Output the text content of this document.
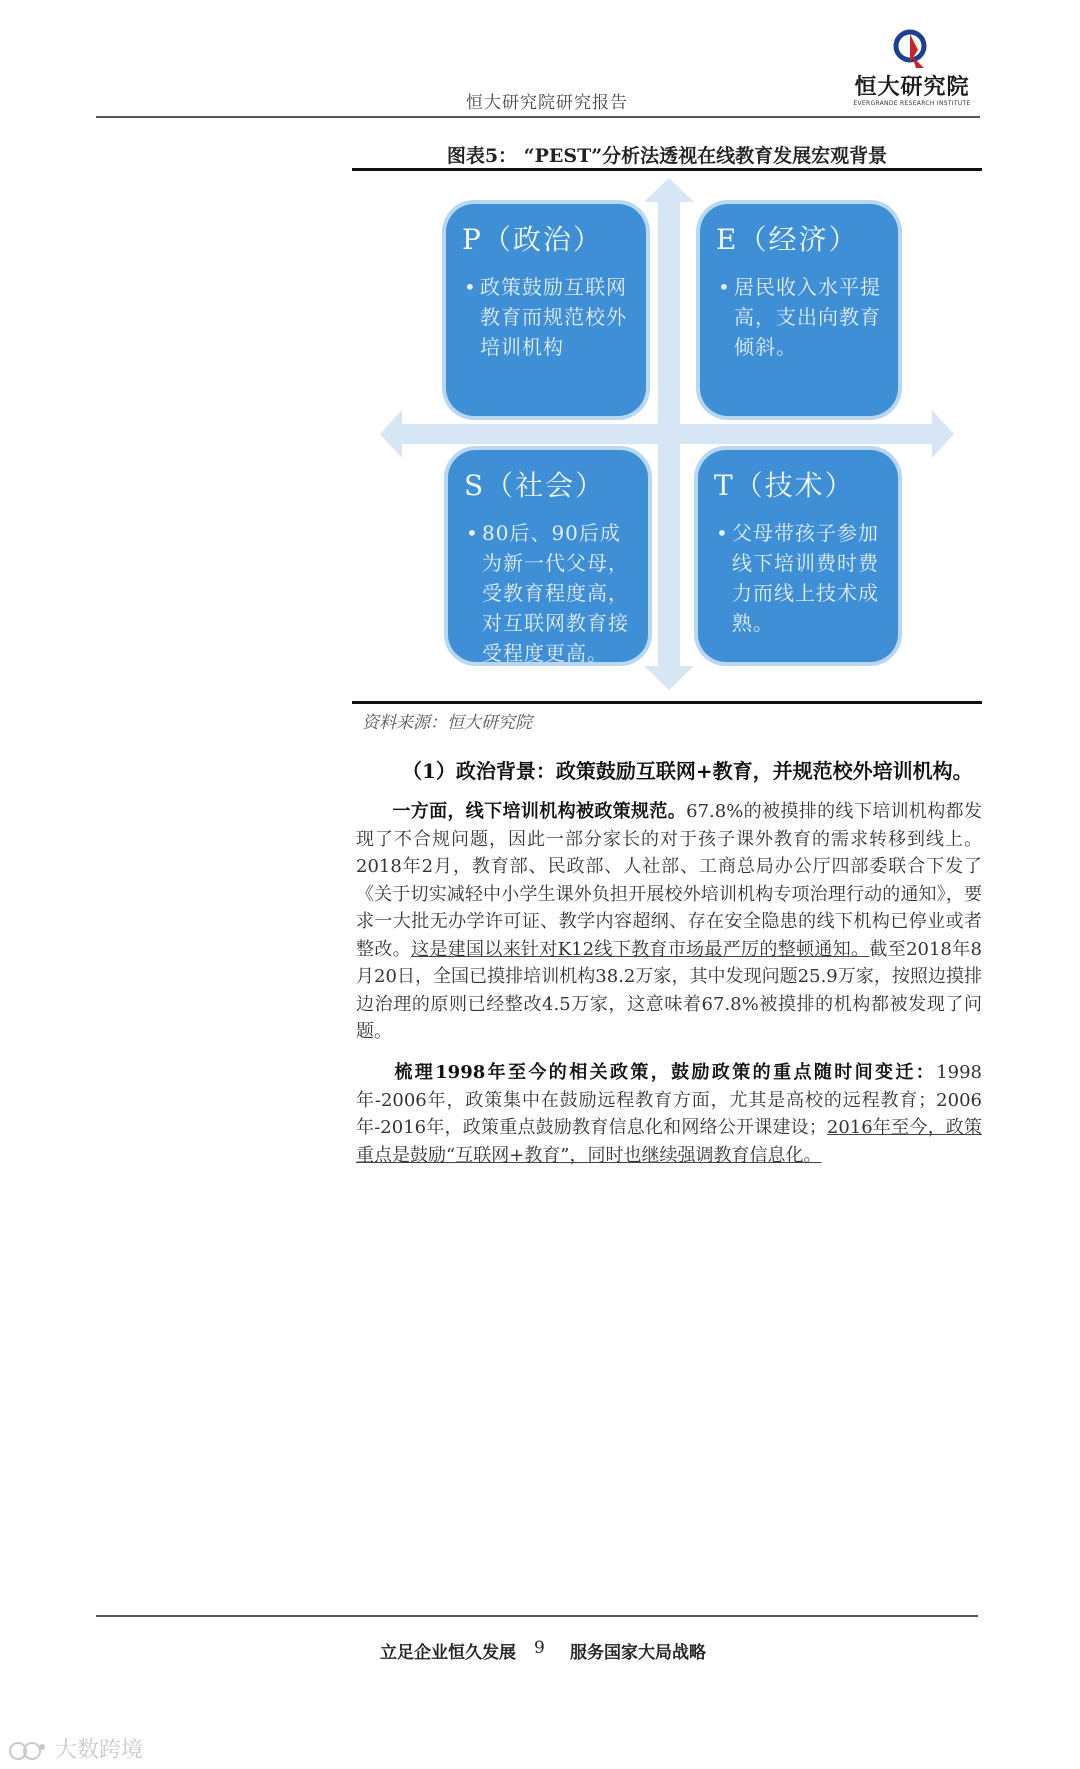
恒大研究院研究报告
恒大研究院
EVERGRANDE RESEARCH INSTITUTE
图表5： “PEST”分析法透视在线教育发展宏观背景
P（政治）
• 政策鼓励互联网教育而规范校外培训机构
E（经济）
• 居民收入水平提高，支出向教育倾斜。
S（社会）
• 80后、90后成为新一代父母，受教育程度高，对互联网教育接受程度更高。
T（技术）
• 父母带孩子参加线下培训费时费力而线上技术成熟。
资料来源：恒大研究院
（1）政治背景：政策鼓励互联网+教育，并规范校外培训机构。
一方面，线下培训机构被政策规范。67.8%的被摸排的线下培训机构都发现了不合规问题，因此一部分家长的对于孩子课外教育的需求转移到线上。2018年2月，教育部、民政部、人社部、工商总局办公厅四部委联合下发了《关于切实减轻中小学生课外负担开展校外培训机构专项治理行动的通知》，要求一大批无办学许可证、教学内容超纲、存在安全隐患的线下机构已停业或者整改。这是建国以来针对K12线下教育市场最严厉的整顿通知。截至2018年8月20日，全国已摸排培训机构38.2万家，其中发现问题25.9万家，按照边摸排边治理的原则已经整改4.5万家，这意味着67.8%被摸排的机构都被发现了问题。
梳理1998年至今的相关政策，鼓励政策的重点随时间变迁：1998年-2006年，政策集中在鼓励远程教育方面，尤其是高校的远程教育；2006年-2016年，政策重点鼓励教育信息化和网络公开课建设；2016年至今，政策重点是鼓励“互联网+教育”，同时也继续强调教育信息化。
立足企业恒久发展 9 服务国家大局战略
大数跨境
